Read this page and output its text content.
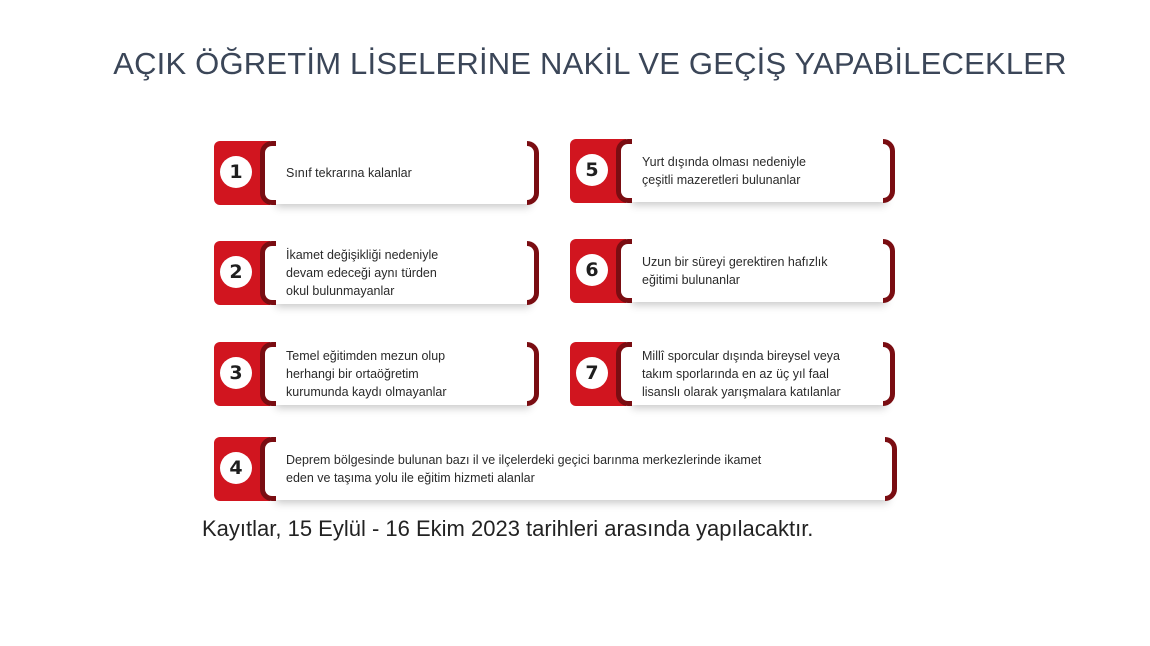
AÇIK ÖĞRETİM LİSELERİNE NAKİL VE GEÇİŞ YAPABİLECEKLER
1	Sınıf tekrarına kalanlar
2
İkamet değişikliği nedeniyle
devam edeceği aynı türden
okul bulunmayanlar
3
Temel eğitimden mezun olup
herhangi bir ortaöğretim
kurumunda kaydı olmayanlar
4	Deprem bölgesinde bulunan bazı il ve ilçelerdeki geçici barınma merkezlerinde ikamet
eden ve taşıma yolu ile eğitim hizmeti alanlar
5	Yurt dışında olması nedeniyle
çeşitli mazeretleri bulunanlar
6	Uzun bir süreyi gerektiren hafızlık
eğitimi bulunanlar
7
Millî sporcular dışında bireysel veya
takım sporlarında en az üç yıl faal
lisanslı olarak yarışmalara katılanlar
Kayıtlar, 15 Eylül - 16 Ekim 2023 tarihleri arasında yapılacaktır.
